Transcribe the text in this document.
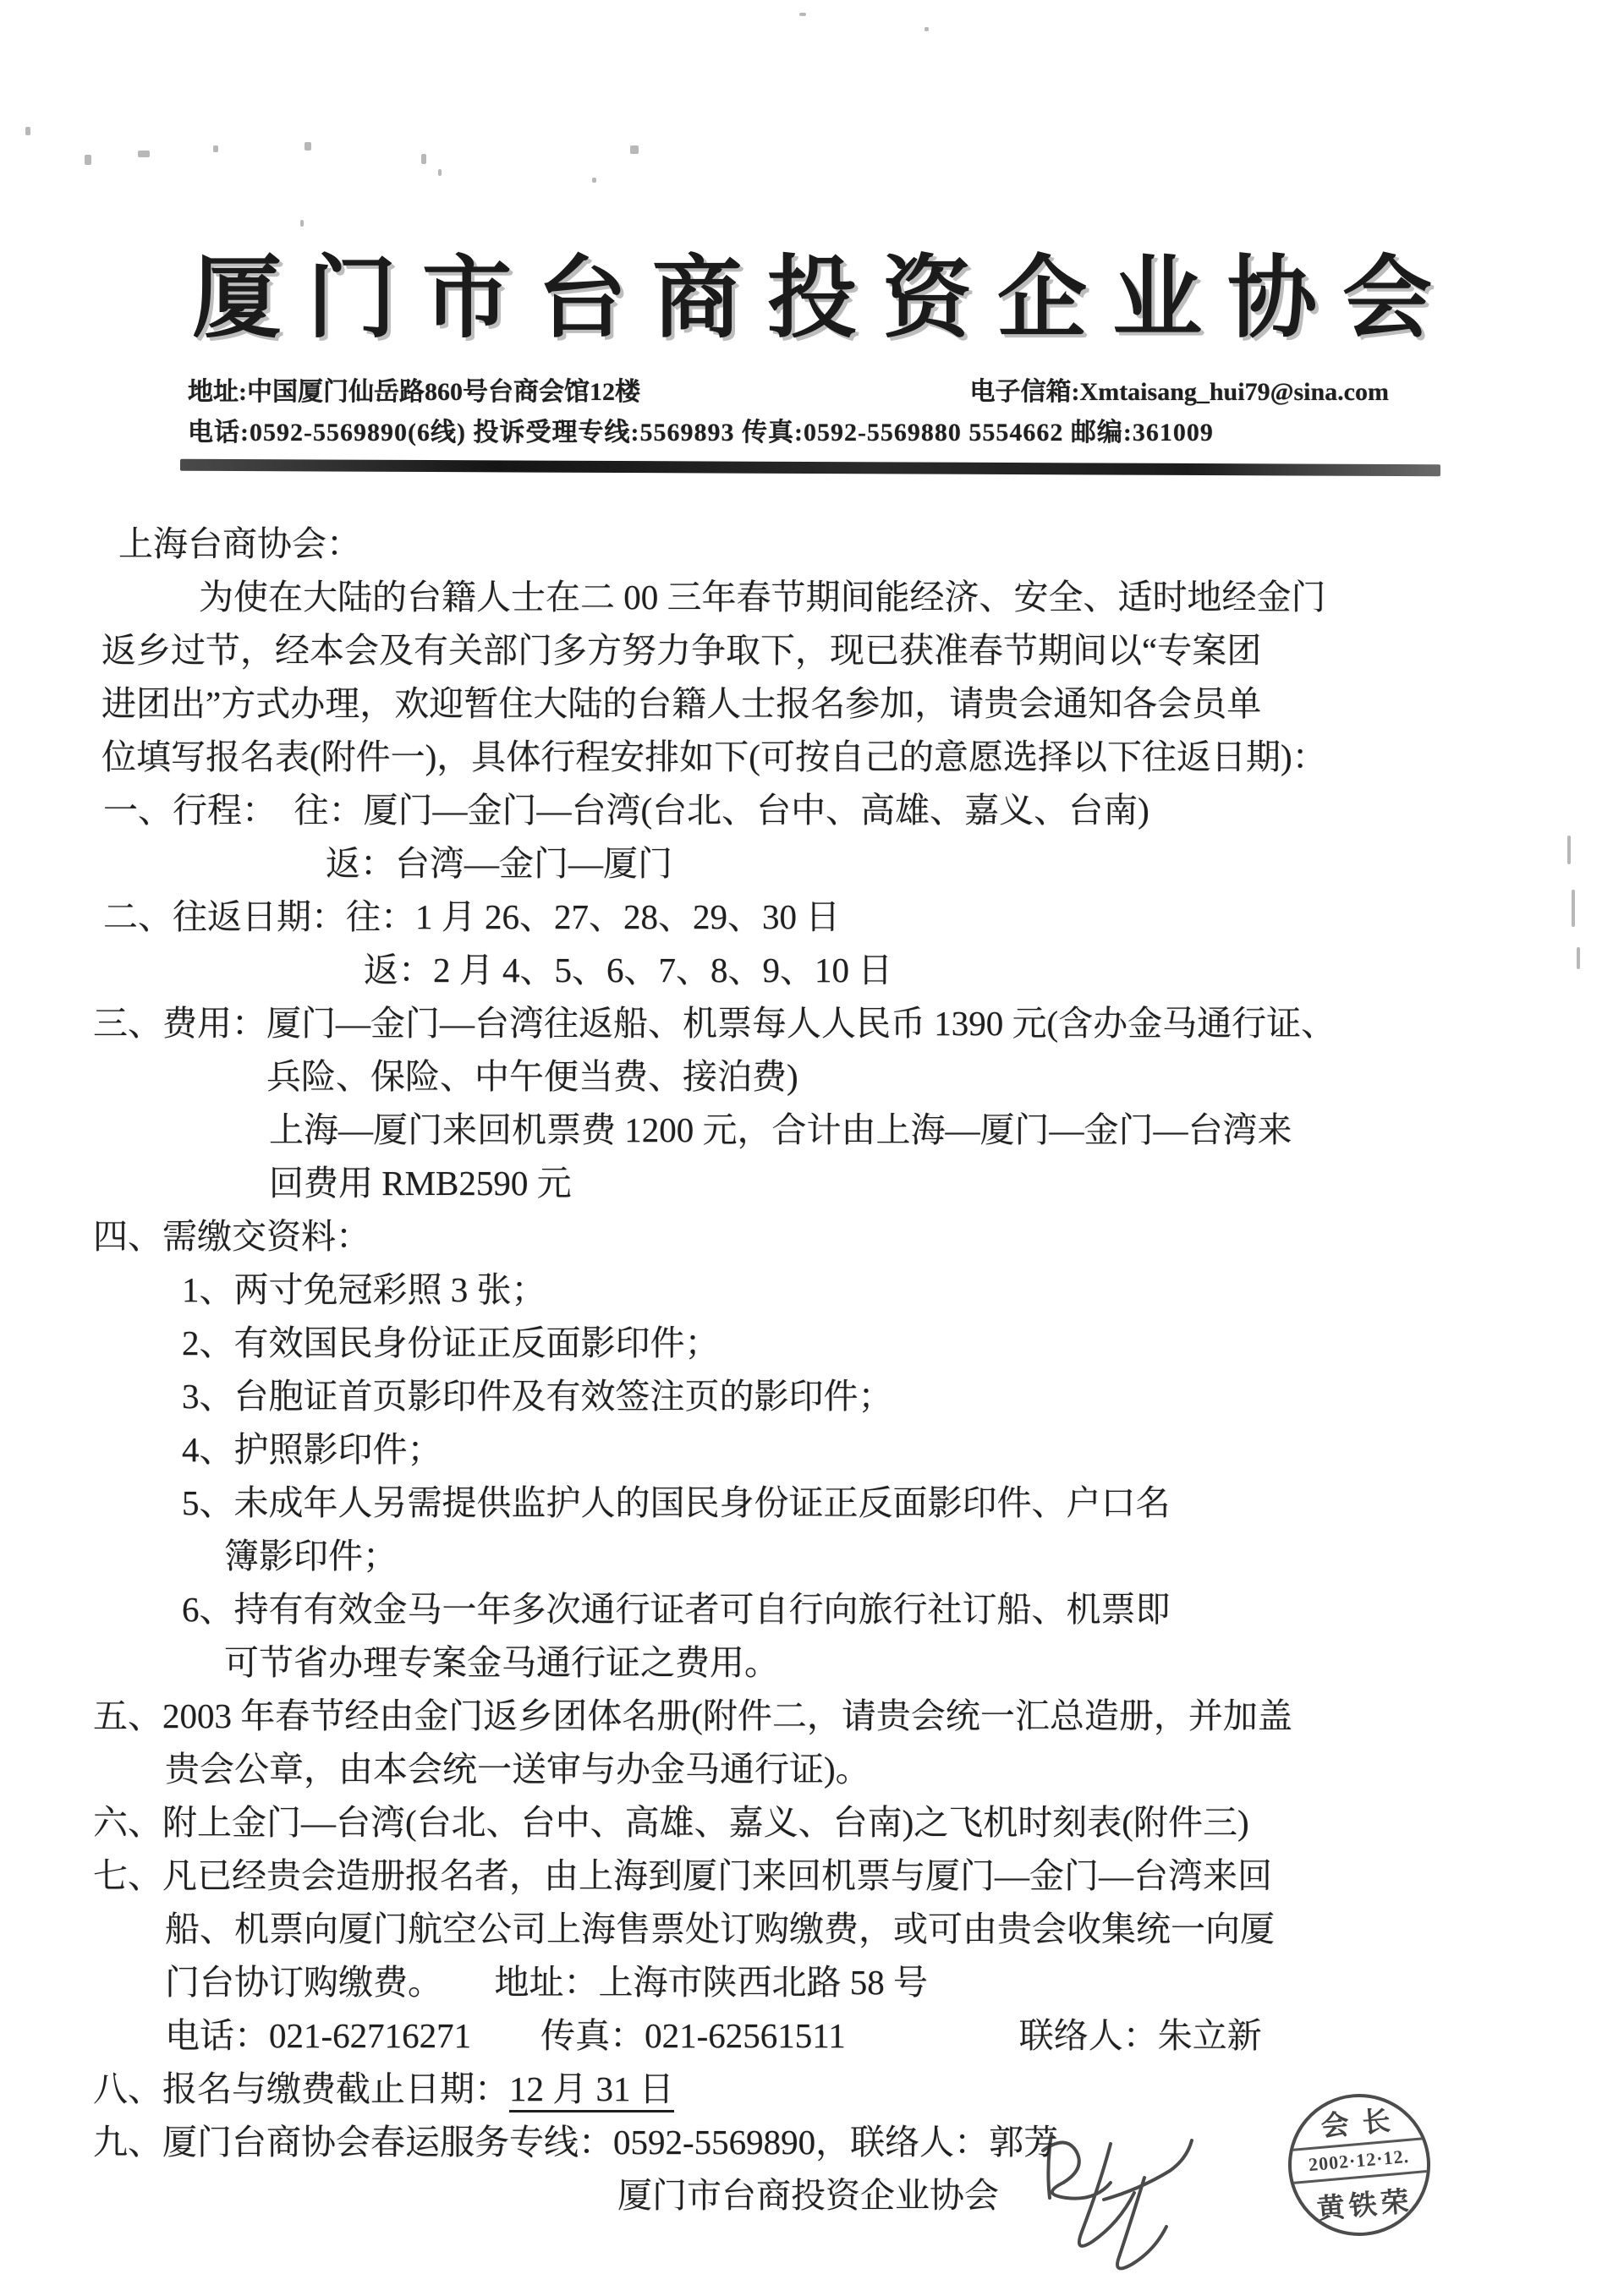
厦门市台商投资企业协会
地址:中国厦门仙岳路860号台商会馆12楼	电子信箱:Xmtaisang_hui79@sina.com
电话:0592-5569890(6线) 投诉受理专线:5569893 传真:0592-5569880 5554662 邮编:361009
上海台商协会：
为使在大陆的台籍人士在二 00 三年春节期间能经济、安全、适时地经金门
返乡过节，经本会及有关部门多方努力争取下，现已获准春节期间以“专案团
进团出”方式办理，欢迎暂住大陆的台籍人士报名参加，请贵会通知各会员单
位填写报名表(附件一)，具体行程安排如下(可按自己的意愿选择以下往返日期)：
一、行程：　往：厦门—金门—台湾(台北、台中、高雄、嘉义、台南)
返：台湾—金门—厦门
二、往返日期：往：1 月 26、27、28、29、30 日
返：2 月 4、5、6、7、8、9、10 日
三、费用：厦门—金门—台湾往返船、机票每人人民币 1390 元(含办金马通行证、
兵险、保险、中午便当费、接泊费)
上海—厦门来回机票费 1200 元，合计由上海—厦门—金门—台湾来
回费用 RMB2590 元
四、需缴交资料：
1、两寸免冠彩照 3 张；
2、有效国民身份证正反面影印件；
3、台胞证首页影印件及有效签注页的影印件；
4、护照影印件；
5、未成年人另需提供监护人的国民身份证正反面影印件、户口名
簿影印件；
6、持有有效金马一年多次通行证者可自行向旅行社订船、机票即
可节省办理专案金马通行证之费用。
五、2003 年春节经由金门返乡团体名册(附件二，请贵会统一汇总造册，并加盖
贵会公章，由本会统一送审与办金马通行证)。
六、附上金门—台湾(台北、台中、高雄、嘉义、台南)之飞机时刻表(附件三)
七、凡已经贵会造册报名者，由上海到厦门来回机票与厦门—金门—台湾来回
船、机票向厦门航空公司上海售票处订购缴费，或可由贵会收集统一向厦
门台协订购缴费。　　地址：上海市陕西北路 58 号
电话：021-62716271　　传真：021-62561511　　　　　联络人：朱立新
八、报名与缴费截止日期：12 月 31 日
九、厦门台商协会春运服务专线：0592-5569890，联络人：郭芳
厦门市台商投资企业协会
会长
2002·12·12.
黄铁荣
